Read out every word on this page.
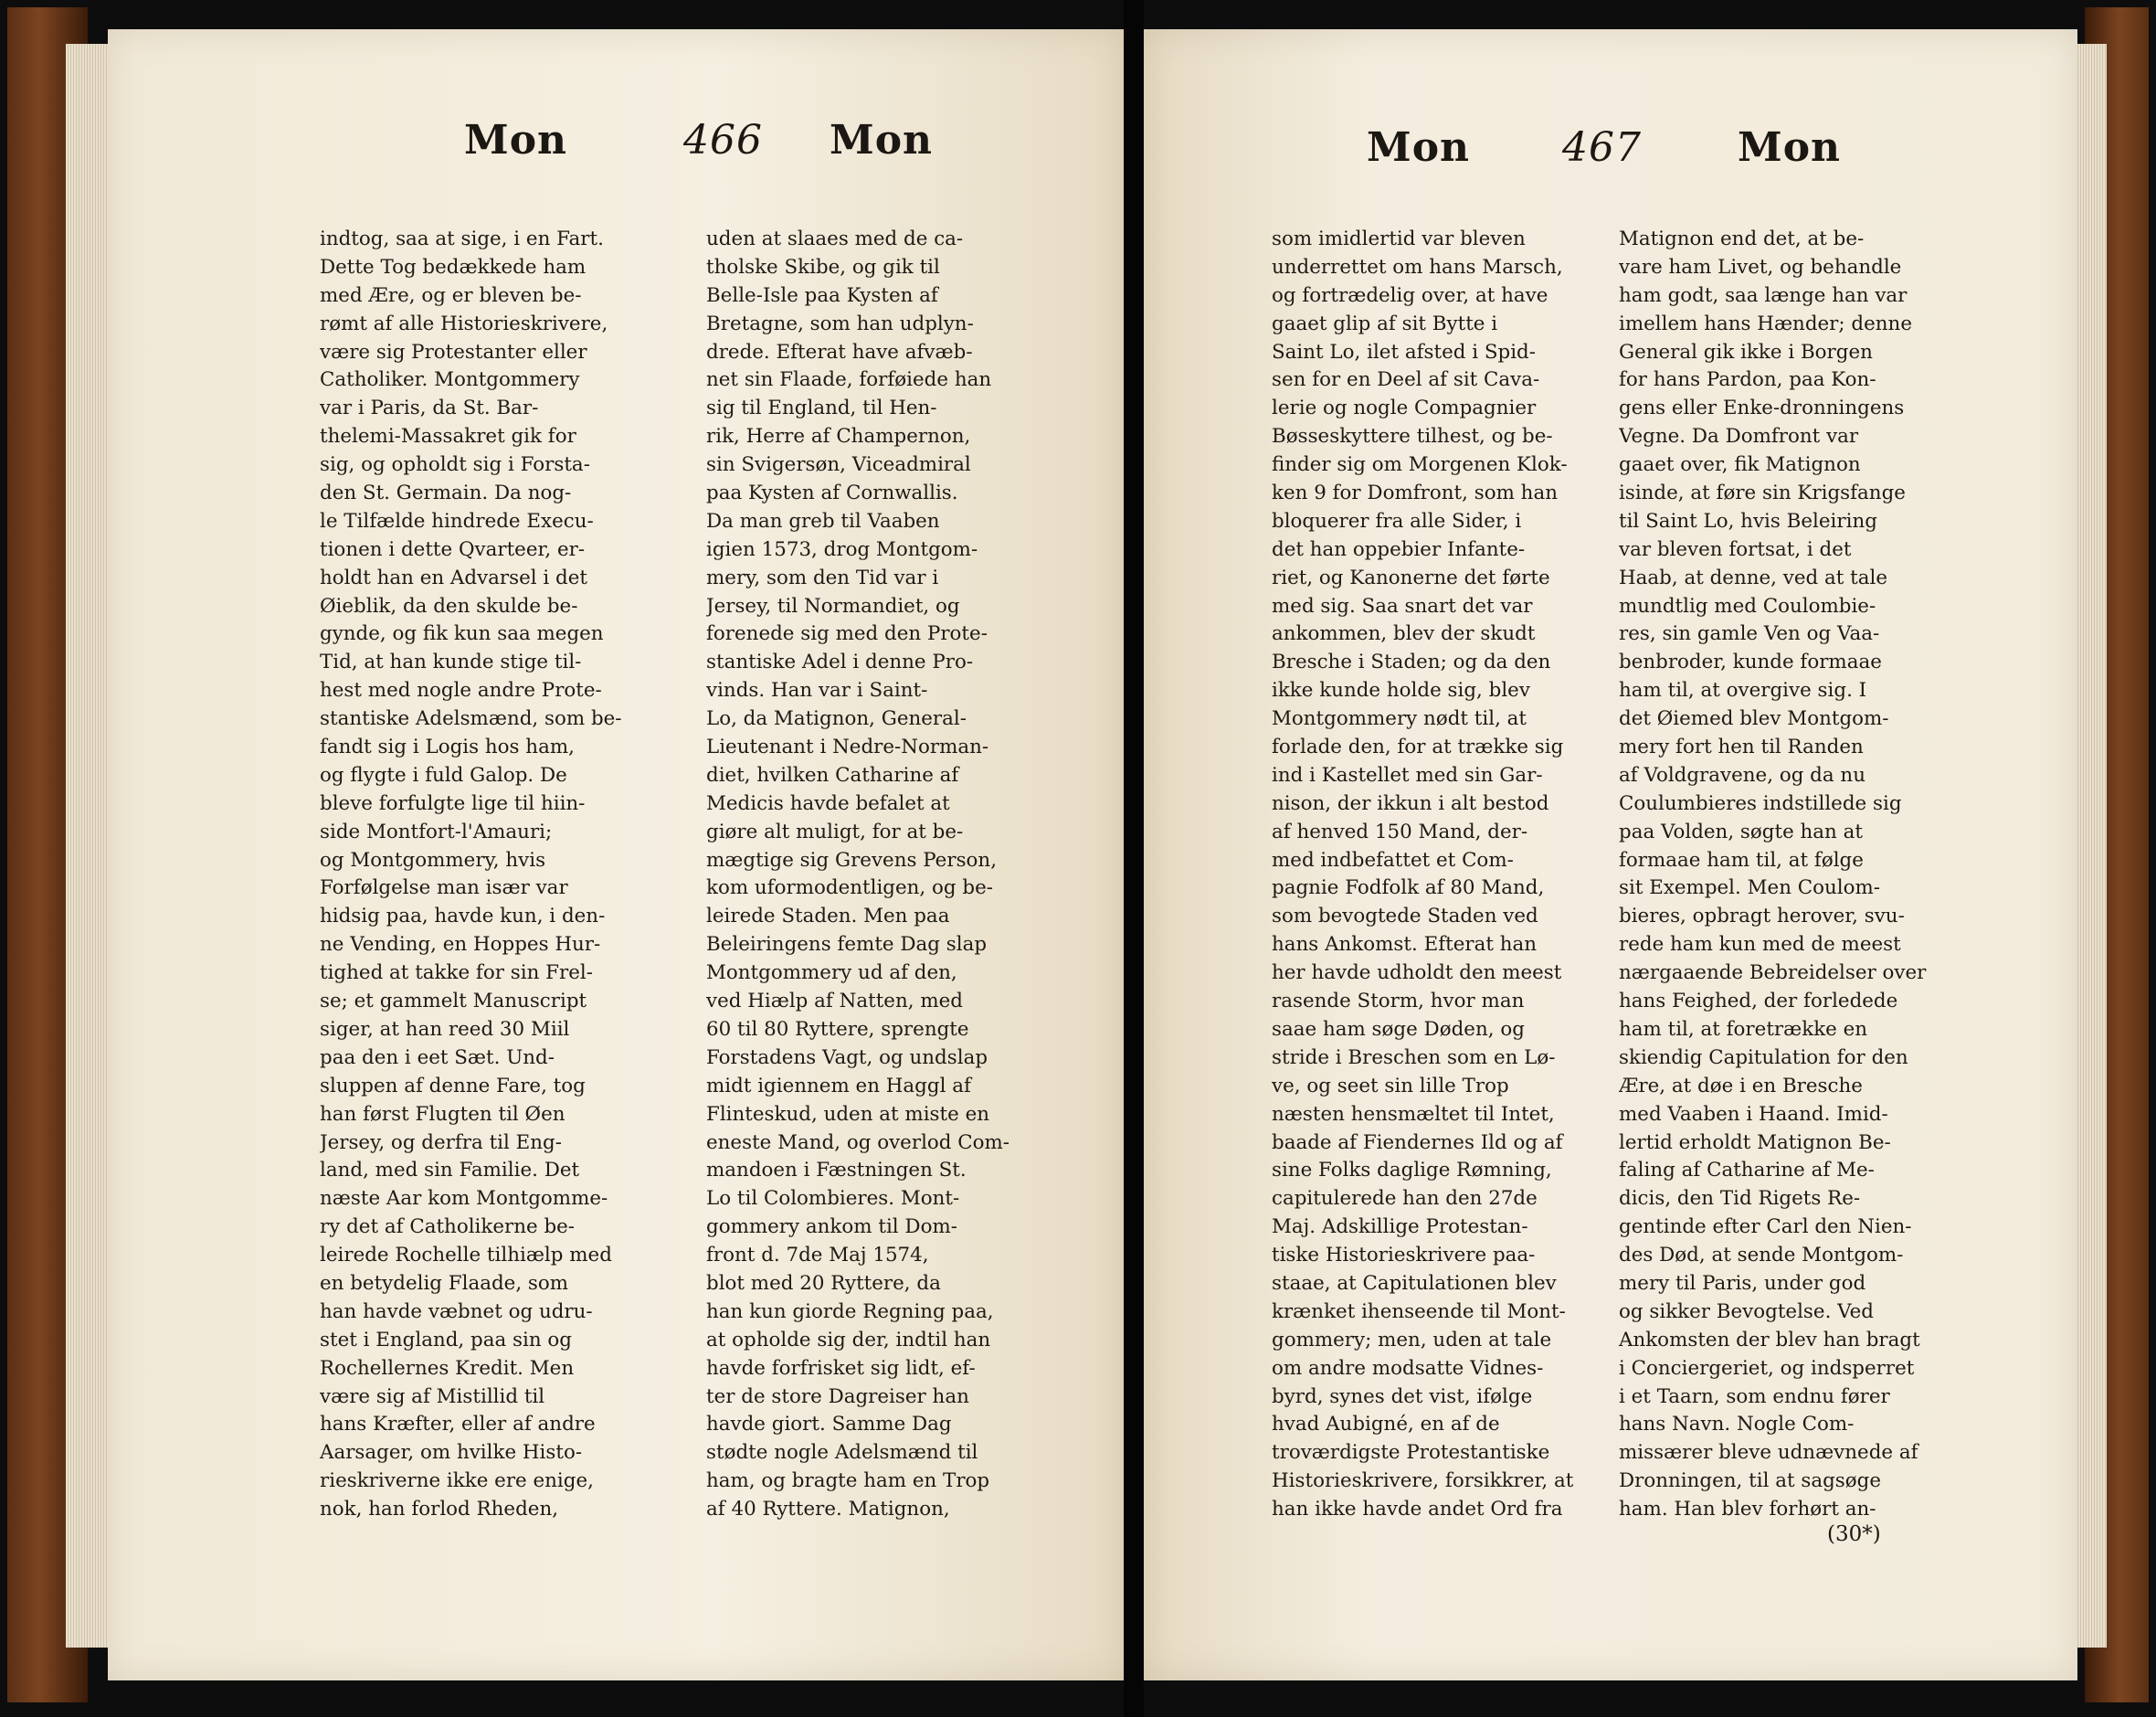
Mon	466 Mon
indtog, saa at sige, i en Fart.
Dette Tog bedækkede ham
med Ære, og er bleven be-
rømt af alle Historieskrivere,
være sig Protestanter eller
Catholiker. Montgommery
var i Paris, da St. Bar-
thelemi-Massakret gik for
sig, og opholdt sig i Forsta-
den St. Germain. Da nog-
le Tilfælde hindrede Execu-
tionen i dette Qvarteer, er-
holdt han en Advarsel i det
Øieblik, da den skulde be-
gynde, og fik kun saa megen
Tid, at han kunde stige til-
hest med nogle andre Prote-
stantiske Adelsmænd, som be-
fandt sig i Logis hos ham,
og flygte i fuld Galop. De
bleve forfulgte lige til hiin-
side Montfort-l'Amauri;
og Montgommery, hvis
Forfølgelse man især var
hidsig paa, havde kun, i den-
ne Vending, en Hoppes Hur-
tighed at takke for sin Frel-
se; et gammelt Manuscript
siger, at han reed 30 Miil
paa den i eet Sæt. Und-
sluppen af denne Fare, tog
han først Flugten til Øen
Jersey, og derfra til Eng-
land, med sin Familie. Det
næste Aar kom Montgomme-
ry det af Catholikerne be-
leirede Rochelle tilhiælp med
en betydelig Flaade, som
han havde væbnet og udru-
stet i England, paa sin og
Rochellernes Kredit. Men
være sig af Mistillid til
hans Kræfter, eller af andre
Aarsager, om hvilke Histo-
rieskriverne ikke ere enige,
nok, han forlod Rheden,
uden at slaaes med de ca-
tholske Skibe, og gik til
Belle-Isle paa Kysten af
Bretagne, som han udplyn-
drede. Efterat have afvæb-
net sin Flaade, forføiede han
sig til England, til Hen-
rik, Herre af Champernon,
sin Svigersøn, Viceadmiral
paa Kysten af Cornwallis.
Da man greb til Vaaben
igien 1573, drog Montgom-
mery, som den Tid var i
Jersey, til Normandiet, og
forenede sig med den Prote-
stantiske Adel i denne Pro-
vinds. Han var i Saint-
Lo, da Matignon, General-
Lieutenant i Nedre-Norman-
diet, hvilken Catharine af
Medicis havde befalet at
giøre alt muligt, for at be-
mægtige sig Grevens Person,
kom uformodentligen, og be-
leirede Staden. Men paa
Beleiringens femte Dag slap
Montgommery ud af den,
ved Hiælp af Natten, med
60 til 80 Ryttere, sprengte
Forstadens Vagt, og undslap
midt igiennem en Haggl af
Flinteskud, uden at miste en
eneste Mand, og overlod Com-
mandoen i Fæstningen St.
Lo til Colombieres. Mont-
gommery ankom til Dom-
front d. 7de Maj 1574,
blot med 20 Ryttere, da
han kun giorde Regning paa,
at opholde sig der, indtil han
havde forfrisket sig lidt, ef-
ter de store Dagreiser han
havde giort. Samme Dag
stødte nogle Adelsmænd til
ham, og bragte ham en Trop
af 40 Ryttere. Matignon,
Mon 467 Mon
som imidlertid var bleven
underrettet om hans Marsch,
og fortrædelig over, at have
gaaet glip af sit Bytte i
Saint Lo, ilet afsted i Spid-
sen for en Deel af sit Cava-
lerie og nogle Compagnier
Bøsseskyttere tilhest, og be-
finder sig om Morgenen Klok-
ken 9 for Domfront, som han
bloquerer fra alle Sider, i
det han oppebier Infante-
riet, og Kanonerne det førte
med sig. Saa snart det var
ankommen, blev der skudt
Bresche i Staden; og da den
ikke kunde holde sig, blev
Montgommery nødt til, at
forlade den, for at trække sig
ind i Kastellet med sin Gar-
nison, der ikkun i alt bestod
af henved 150 Mand, der-
med indbefattet et Com-
pagnie Fodfolk af 80 Mand,
som bevogtede Staden ved
hans Ankomst. Efterat han
her havde udholdt den meest
rasende Storm, hvor man
saae ham søge Døden, og
stride i Breschen som en Lø-
ve, og seet sin lille Trop
næsten hensmæltet til Intet,
baade af Fiendernes Ild og af
sine Folks daglige Rømning,
capitulerede han den 27de
Maj. Adskillige Protestan-
tiske Historieskrivere paa-
staae, at Capitulationen blev
krænket ihenseende til Mont-
gommery; men, uden at tale
om andre modsatte Vidnes-
byrd, synes det vist, ifølge
hvad Aubigné, en af de
troværdigste Protestantiske
Historieskrivere, forsikkrer, at
han ikke havde andet Ord fra
Matignon end det, at be-
vare ham Livet, og behandle
ham godt, saa længe han var
imellem hans Hænder; denne
General gik ikke i Borgen
for hans Pardon, paa Kon-
gens eller Enke-dronningens
Vegne. Da Domfront var
gaaet over, fik Matignon
isinde, at føre sin Krigsfange
til Saint Lo, hvis Beleiring
var bleven fortsat, i det
Haab, at denne, ved at tale
mundtlig med Coulombie-
res, sin gamle Ven og Vaa-
benbroder, kunde formaae
ham til, at overgive sig. I
det Øiemed blev Montgom-
mery fort hen til Randen
af Voldgravene, og da nu
Coulumbieres indstillede sig
paa Volden, søgte han at
formaae ham til, at følge
sit Exempel. Men Coulom-
bieres, opbragt herover, svu-
rede ham kun med de meest
nærgaaende Bebreidelser over
hans Feighed, der forledede
ham til, at foretrække en
skiendig Capitulation for den
Ære, at døe i en Bresche
med Vaaben i Haand. Imid-
lertid erholdt Matignon Be-
faling af Catharine af Me-
dicis, den Tid Rigets Re-
gentinde efter Carl den Nien-
des Død, at sende Montgom-
mery til Paris, under god
og sikker Bevogtelse. Ved
Ankomsten der blev han bragt
i Conciergeriet, og indsperret
i et Taarn, som endnu fører
hans Navn. Nogle Com-
missærer bleve udnævnede af
Dronningen, til at sagsøge
ham. Han blev forhørt an-
(30*)
